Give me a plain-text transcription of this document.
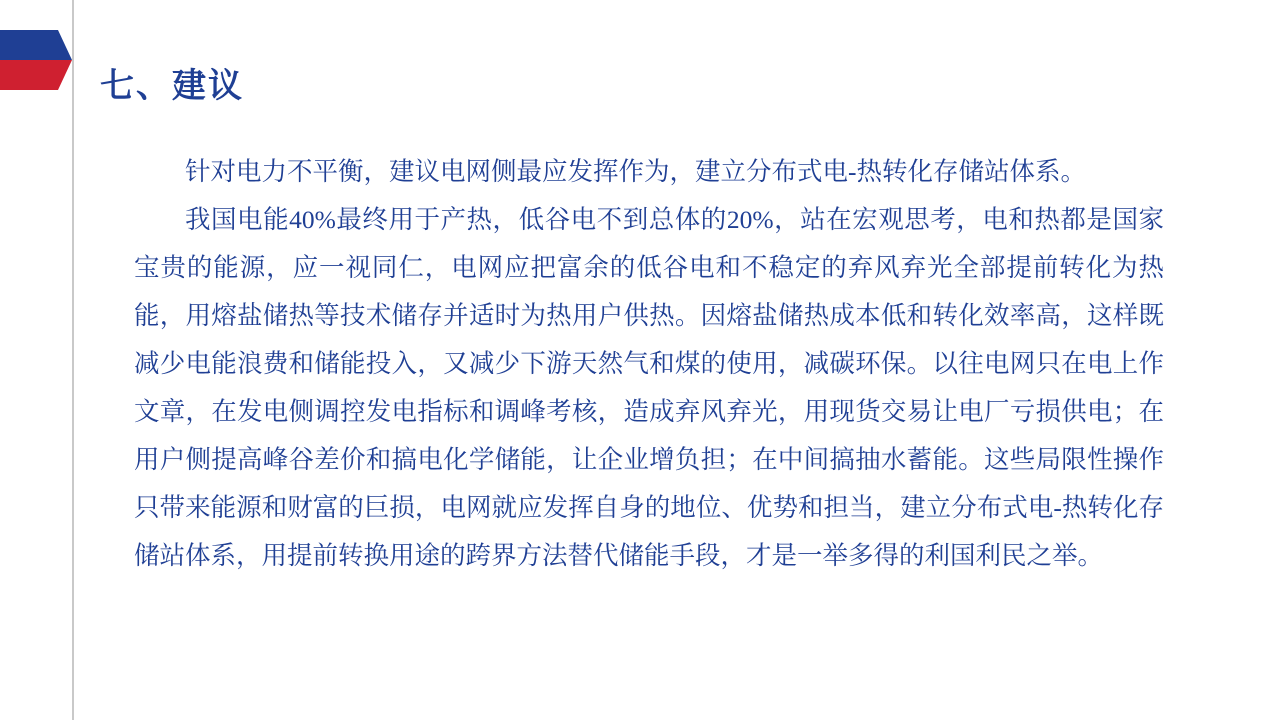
七、建议

针对电力不平衡，建议电网侧最应发挥作为，建立分布式电-热转化存储站体系。

我国电能40%最终用于产热，低谷电不到总体的20%，站在宏观思考，电和热都是国家宝贵的能源，应一视同仁，电网应把富余的低谷电和不稳定的弃风弃光全部提前转化为热能，用熔盐储热等技术储存并适时为热用户供热。因熔盐储热成本低和转化效率高，这样既减少电能浪费和储能投入，又减少下游天然气和煤的使用，减碳环保。以往电网只在电上作文章，在发电侧调控发电指标和调峰考核，造成弃风弃光，用现货交易让电厂亏损供电；在用户侧提高峰谷差价和搞电化学储能，让企业增负担；在中间搞抽水蓄能。这些局限性操作只带来能源和财富的巨损，电网就应发挥自身的地位、优势和担当，建立分布式电-热转化存储站体系，用提前转换用途的跨界方法替代储能手段，才是一举多得的利国利民之举。
